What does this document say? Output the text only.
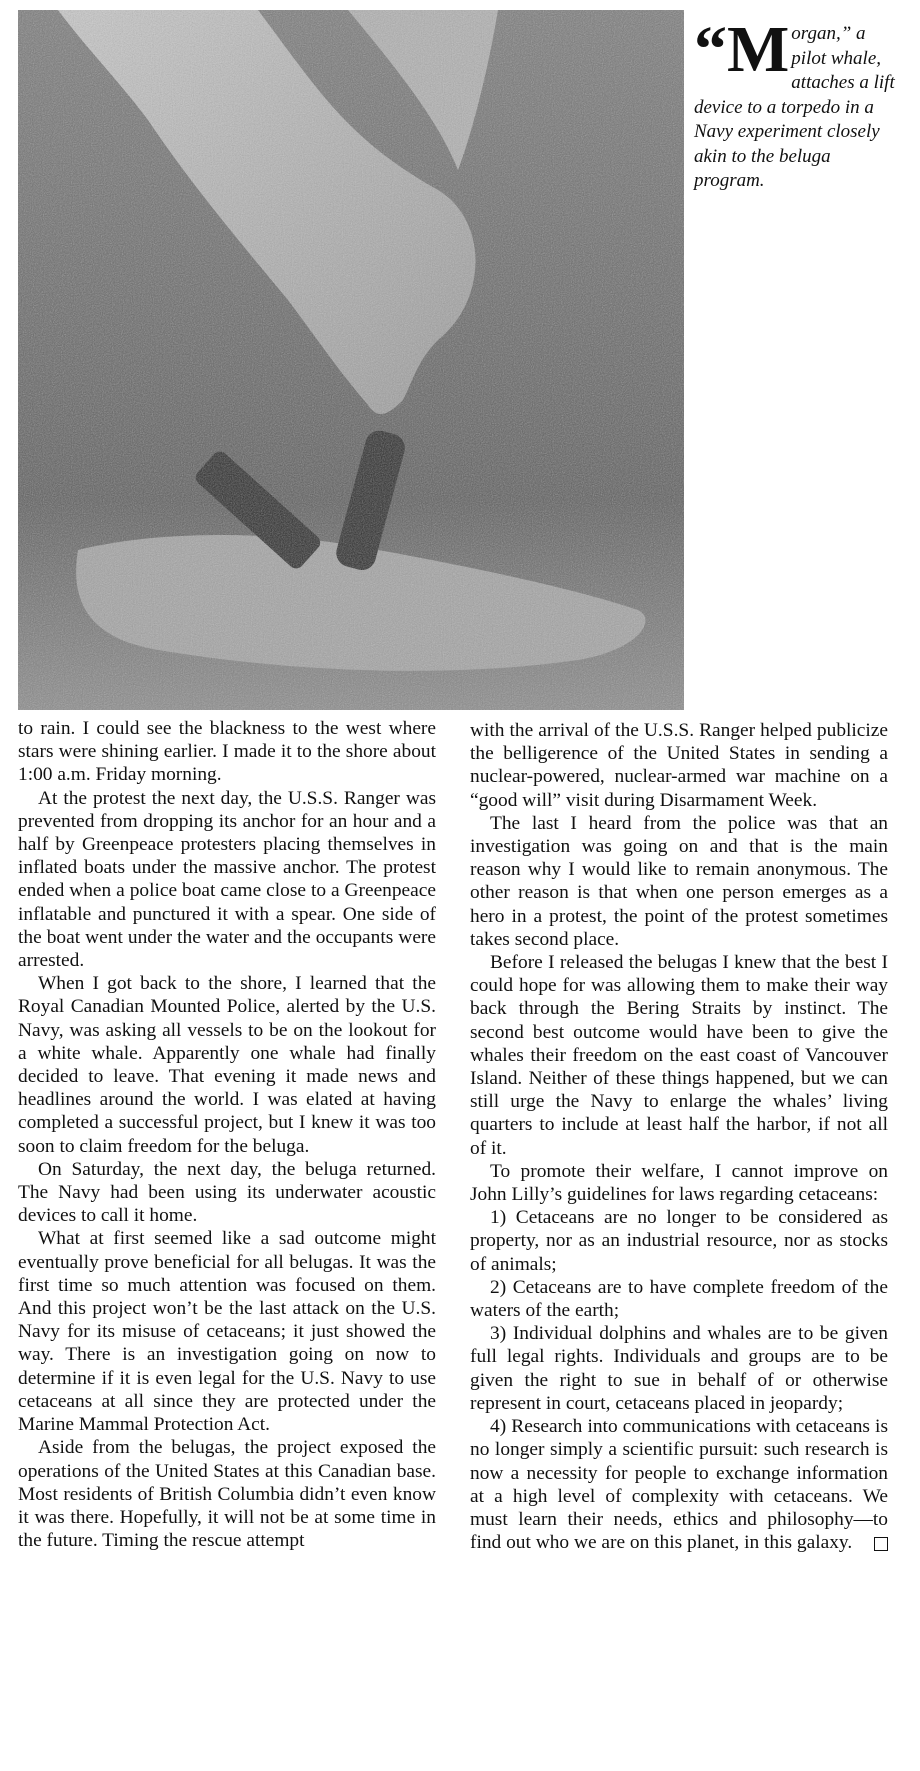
“Morgan,” a pilot whale, attaches a lift device to a torpedo in a Navy experiment closely akin to the beluga program.

to rain. I could see the blackness to the west where stars were shining earlier. I made it to the shore about 1:00 a.m. Friday morning.

At the protest the next day, the U.S.S. Ranger was prevented from dropping its anchor for an hour and a half by Greenpeace protesters placing themselves in inflated boats under the massive anchor. The protest ended when a police boat came close to a Greenpeace inflatable and punctured it with a spear. One side of the boat went under the water and the occupants were arrested.

When I got back to the shore, I learned that the Royal Canadian Mounted Police, alerted by the U.S. Navy, was asking all vessels to be on the lookout for a white whale. Apparently one whale had finally decided to leave. That evening it made news and headlines around the world. I was elated at having completed a successful project, but I knew it was too soon to claim freedom for the beluga.

On Saturday, the next day, the beluga returned. The Navy had been using its underwater acoustic devices to call it home.

What at first seemed like a sad outcome might eventually prove beneficial for all belugas. It was the first time so much attention was focused on them. And this project won’t be the last attack on the U.S. Navy for its misuse of cetaceans; it just showed the way. There is an investigation going on now to determine if it is even legal for the U.S. Navy to use cetaceans at all since they are protected under the Marine Mammal Protection Act.

Aside from the belugas, the project exposed the operations of the United States at this Canadian base. Most residents of British Columbia didn’t even know it was there. Hopefully, it will not be at some time in the future. Timing the rescue attempt

with the arrival of the U.S.S. Ranger helped publicize the belligerence of the United States in sending a nuclear-powered, nuclear-armed war machine on a “good will” visit during Disarmament Week.

The last I heard from the police was that an investigation was going on and that is the main reason why I would like to remain anonymous. The other reason is that when one person emerges as a hero in a protest, the point of the protest sometimes takes second place.

Before I released the belugas I knew that the best I could hope for was allowing them to make their way back through the Bering Straits by instinct. The second best outcome would have been to give the whales their freedom on the east coast of Vancouver Island. Neither of these things happened, but we can still urge the Navy to enlarge the whales’ living quarters to include at least half the harbor, if not all of it.

To promote their welfare, I cannot improve on John Lilly’s guidelines for laws regarding cetaceans:

1) Cetaceans are no longer to be considered as property, nor as an industrial resource, nor as stocks of animals;

2) Cetaceans are to have complete freedom of the waters of the earth;

3) Individual dolphins and whales are to be given full legal rights. Individuals and groups are to be given the right to sue in behalf of or otherwise represent in court, cetaceans placed in jeopardy;

4) Research into communications with cetaceans is no longer simply a scientific pursuit: such research is now a necessity for people to exchange information at a high level of complexity with cetaceans. We must learn their needs, ethics and philosophy—to find out who we are on this planet, in this galaxy.
